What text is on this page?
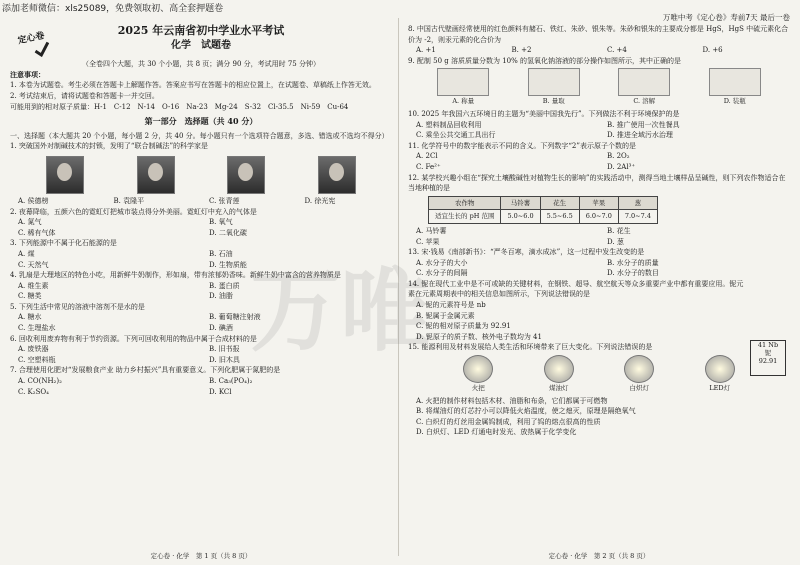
添加老师微信：xls25089，免费领取初、高全套押题卷
万唯中考《定心卷》寿前7天 最后一卷
万唯
定心卷
2025 年云南省初中学业水平考试
化学　试题卷
（全卷四个大题，共 30 个小题，共 8 页；满分 90 分，考试用时 75 分钟）
注意事项：

1. 本卷为试题卷。考生必须在答题卡上解题作答。答案应书写在答题卡的相应位置上，在试题卷、草稿纸上作答无效。

2. 考试结束后，请将试题卷和答题卡一并交回。

可能用到的相对原子质量：H-1　C-12　N-14　O-16　Na-23　Mg-24　S-32　Cl-35.5　Ni-59　Cu-64

第一部分　选择题（共 40 分）

一、选择题（本大题共 20 个小题，每小题 2 分，共 40 分。每小题只有一个选项符合题意，多选、错选或不选均不得分）

1. 突破国外对制碱技术的封锁，发明了“联合制碱法”的科学家是

A. 侯德榜	B. 袁隆平	C. 张青莲	D. 徐光宪

2. 夜幕降临，五颜六色的霓虹灯把城市装点得分外美丽。霓虹灯中充入的气体是

A. 氮气	B. 氧气
C. 稀有气体	D. 二氧化碳

3. 下列能源中不属于化石能源的是

A. 煤	B. 石油
C. 天然气	D. 生物质能

4. 乳扇是大理地区的特色小吃，用新鲜牛奶制作，形如扇，带有浓郁奶香味。新鲜牛奶中富含的营养物质是

A. 维生素	B. 蛋白质
C. 糖类	D. 油脂

5. 下列生活中常见的溶液中溶剂不是水的是

A. 糖水	B. 葡萄糖注射液
C. 生理盐水	D. 碘酒

6. 回收利用废弃物有利于节约资源。下列可回收利用的物品中属于合成材料的是

A. 废铁器	B. 旧书报
C. 空塑料瓶	D. 旧木具

7. 合理使用化肥对“发展粮食产业 助力乡村振兴”具有重要意义。下列化肥属于氮肥的是

A. CO(NH₂)₂	B. Ca₃(PO₄)₂
C. K₂SO₄	D. KCl
定心卷 · 化学　第 1 页（共 8 页）

8. 中国古代壁画经常使用的红色颜料有赭石、铁红、朱砂、银朱等。朱砂和银朱的主要成分都是 HgS，HgS 中硫元素化合价为 -2，则汞元素的化合价为

A. +1	B. +2	C. +4	D. +6

9. 配制 50 g 溶质质量分数为 10% 的氢氧化钠溶液的部分操作如图所示，其中正确的是

A. 称量	B. 量取	C. 溶解	D. 装瓶

10. 2025 年我国六五环境日的主题为“美丽中国我先行”。下列做法不利于环境保护的是

A. 塑料制品回收利用	B. 推广使用一次性餐具
C. 乘坐公共交通工具出行	D. 推进全域污水治理

11. 化学符号中的数字能表示不同的含义。下列数字“2”表示原子个数的是

A. 2Cl	B. 2O₂
C. Fe²⁺	D. 2Al³⁺

12. 某学校兴趣小组在“探究土壤酸碱性对植物生长的影响”的实践活动中，测得当地土壤样品呈碱性，则下列农作物适合在当地种植的是

农作物	马铃薯	花生	苹果	葱
适宜生长的 pH 范围	5.0~6.0	5.5~6.5	6.0~7.0	7.0~7.4
A. 马铃薯	B. 花生
C. 苹果	D. 葱

13. 宋·钱易《南部新书》：“严冬百寒，滴水成冰”，这一过程中发生改变的是

A. 水分子的大小	B. 水分子的质量
C. 水分子的间隔	D. 水分子的数目

14. 铌在现代工业中是不可或缺的关键材料，在钢铁、超导、航空航天等众多重要产业中都有重要应用。铌元素在元素周期表中的相关信息如图所示，下列说法错误的是

A. 铌的元素符号是 nb
B. 铌属于金属元素
C. 铌的相对原子质量为 92.91
D. 铌原子的质子数、核外电子数均为 41
41 Nb
铌
92.91

15. 能源利用及材料发展给人类生活和环境带来了巨大变化。下列说法错误的是

火把	煤油灯	白炽灯	LED灯
A. 火把的制作材料包括木材、油脂和布条，它们都属于可燃物
B. 将煤油灯的灯芯拧小可以降低火焰温度，使之熄灭，原理是隔绝氧气
C. 白炽灯的灯丝用金属钨制成，利用了钨的熔点很高的性质
D. 白炽灯、LED 灯通电时发光、放热属于化学变化
定心卷 · 化学　第 2 页（共 8 页）
